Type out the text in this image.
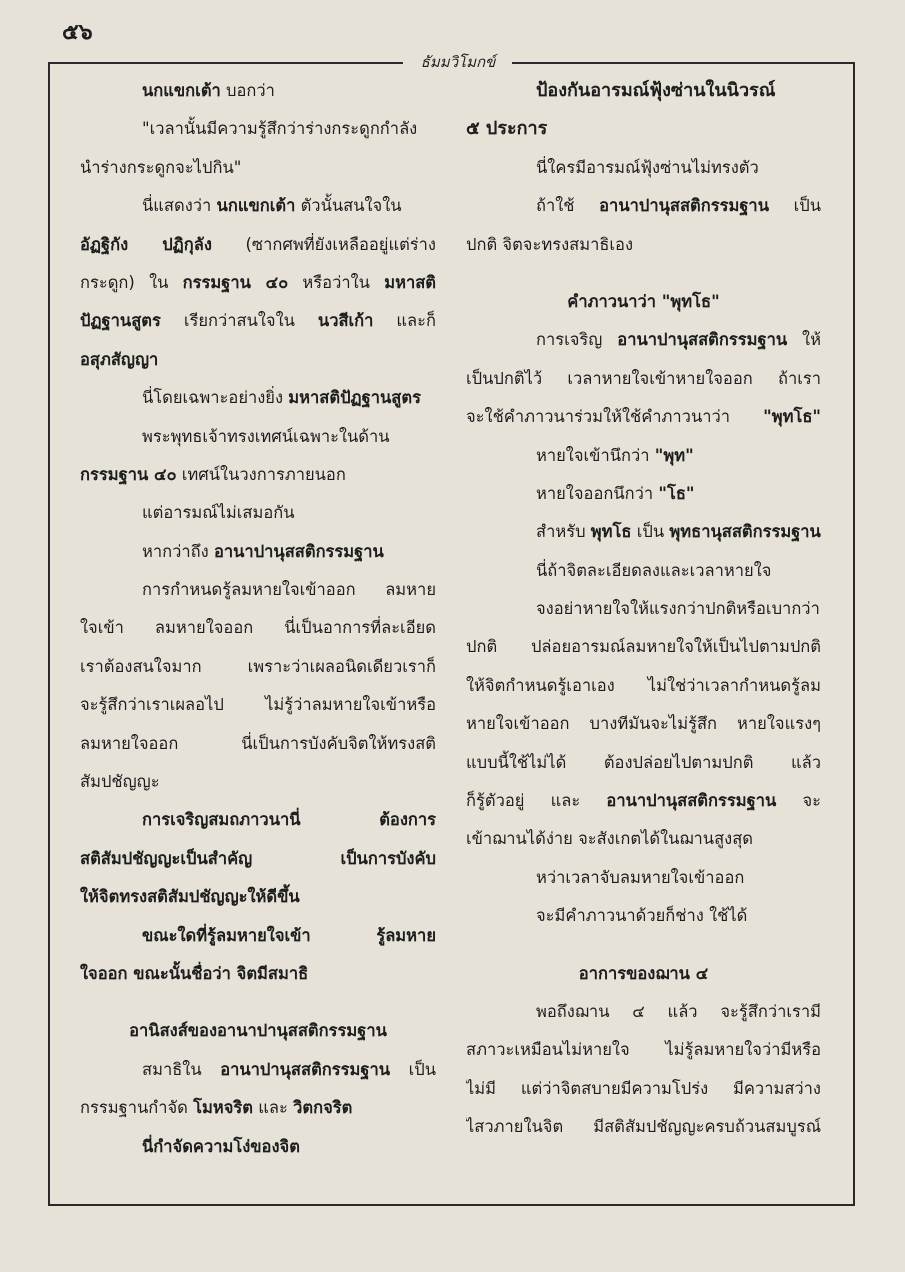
๕๖
ธัมมวิโมกข์
นกแขกเต้า บอกว่า
"เวลานั้นมีความรู้สึกว่าร่างกระดูกกำลัง
นำร่างกระดูกจะไปกิน"
นี่แสดงว่า นกแขกเต้า ตัวนั้นสนใจใน
อัฏฐิกัง ปฏิกุลัง (ซากศพที่ยังเหลืออยู่แต่ร่าง
กระดูก) ใน กรรมฐาน ๔๐ หรือว่าใน มหาสติ
ปัฏฐานสูตร เรียกว่าสนใจใน นวสีเก้า และก็
อสุภสัญญา
นี่โดยเฉพาะอย่างยิ่ง มหาสติปัฏฐานสูตร
พระพุทธเจ้าทรงเทศน์เฉพาะในด้าน
กรรมฐาน ๔๐ เทศน์ในวงการภายนอก
แต่อารมณ์ไม่เสมอกัน
หากว่าถึง อานาปานุสสติกรรมฐาน
การกำหนดรู้ลมหายใจเข้าออก ลมหาย
ใจเข้า ลมหายใจออก นี่เป็นอาการที่ละเอียด
เราต้องสนใจมาก เพราะว่าเผลอนิดเดียวเราก็
จะรู้สึกว่าเราเผลอไป ไม่รู้ว่าลมหายใจเข้าหรือ
ลมหายใจออก นี่เป็นการบังคับจิตให้ทรงสติ
สัมปชัญญะ
การเจริญสมถภาวนานี่ ต้องการ
สติสัมปชัญญะเป็นสำคัญ เป็นการบังคับ
ให้จิตทรงสติสัมปชัญญะให้ดีขึ้น
ขณะใดที่รู้ลมหายใจเข้า รู้ลมหาย
ใจออก ขณะนั้นชื่อว่า จิตมีสมาธิ
อานิสงส์ของอานาปานุสสติกรรมฐาน
สมาธิใน อานาปานุสสติกรรมฐาน เป็น
กรรมฐานกำจัด โมหจริต และ วิตกจริต
นี่กำจัดความโง่ของจิต
ป้องกันอารมณ์ฟุ้งซ่านในนิวรณ์
๕ ประการ
นี่ใครมีอารมณ์ฟุ้งซ่านไม่ทรงตัว
ถ้าใช้ อานาปานุสสติกรรมฐาน เป็น
ปกติ จิตจะทรงสมาธิเอง
คำภาวนาว่า "พุทโธ"
การเจริญ อานาปานุสสติกรรมฐาน ให้
เป็นปกติไว้ เวลาหายใจเข้าหายใจออก ถ้าเรา
จะใช้คำภาวนาร่วมให้ใช้คำภาวนาว่า "พุทโธ"
หายใจเข้านึกว่า "พุท"
หายใจออกนึกว่า "โธ"
สำหรับ พุทโธ เป็น พุทธานุสสติกรรมฐาน
นี่ถ้าจิตละเอียดลงและเวลาหายใจ
จงอย่าหายใจให้แรงกว่าปกติหรือเบากว่า
ปกติ ปล่อยอารมณ์ลมหายใจให้เป็นไปตามปกติ
ให้จิตกำหนดรู้เอาเอง ไม่ใช่ว่าเวลากำหนดรู้ลม
หายใจเข้าออก บางทีมันจะไม่รู้สึก หายใจแรงๆ
แบบนี้ใช้ไม่ได้ ต้องปล่อยไปตามปกติ แล้ว
ก็รู้ตัวอยู่ และ อานาปานุสสติกรรมฐาน จะ
เข้าฌานได้ง่าย จะสังเกตได้ในฌานสูงสุด
หว่าเวลาจับลมหายใจเข้าออก
จะมีคำภาวนาด้วยก็ช่าง ใช้ได้
อาการของฌาน ๔
พอถึงฌาน ๔ แล้ว จะรู้สึกว่าเรามี
สภาวะเหมือนไม่หายใจ ไม่รู้ลมหายใจว่ามีหรือ
ไม่มี แต่ว่าจิตสบายมีความโปร่ง มีความสว่าง
ไสวภายในจิต มีสติสัมปชัญญะครบถ้วนสมบูรณ์
